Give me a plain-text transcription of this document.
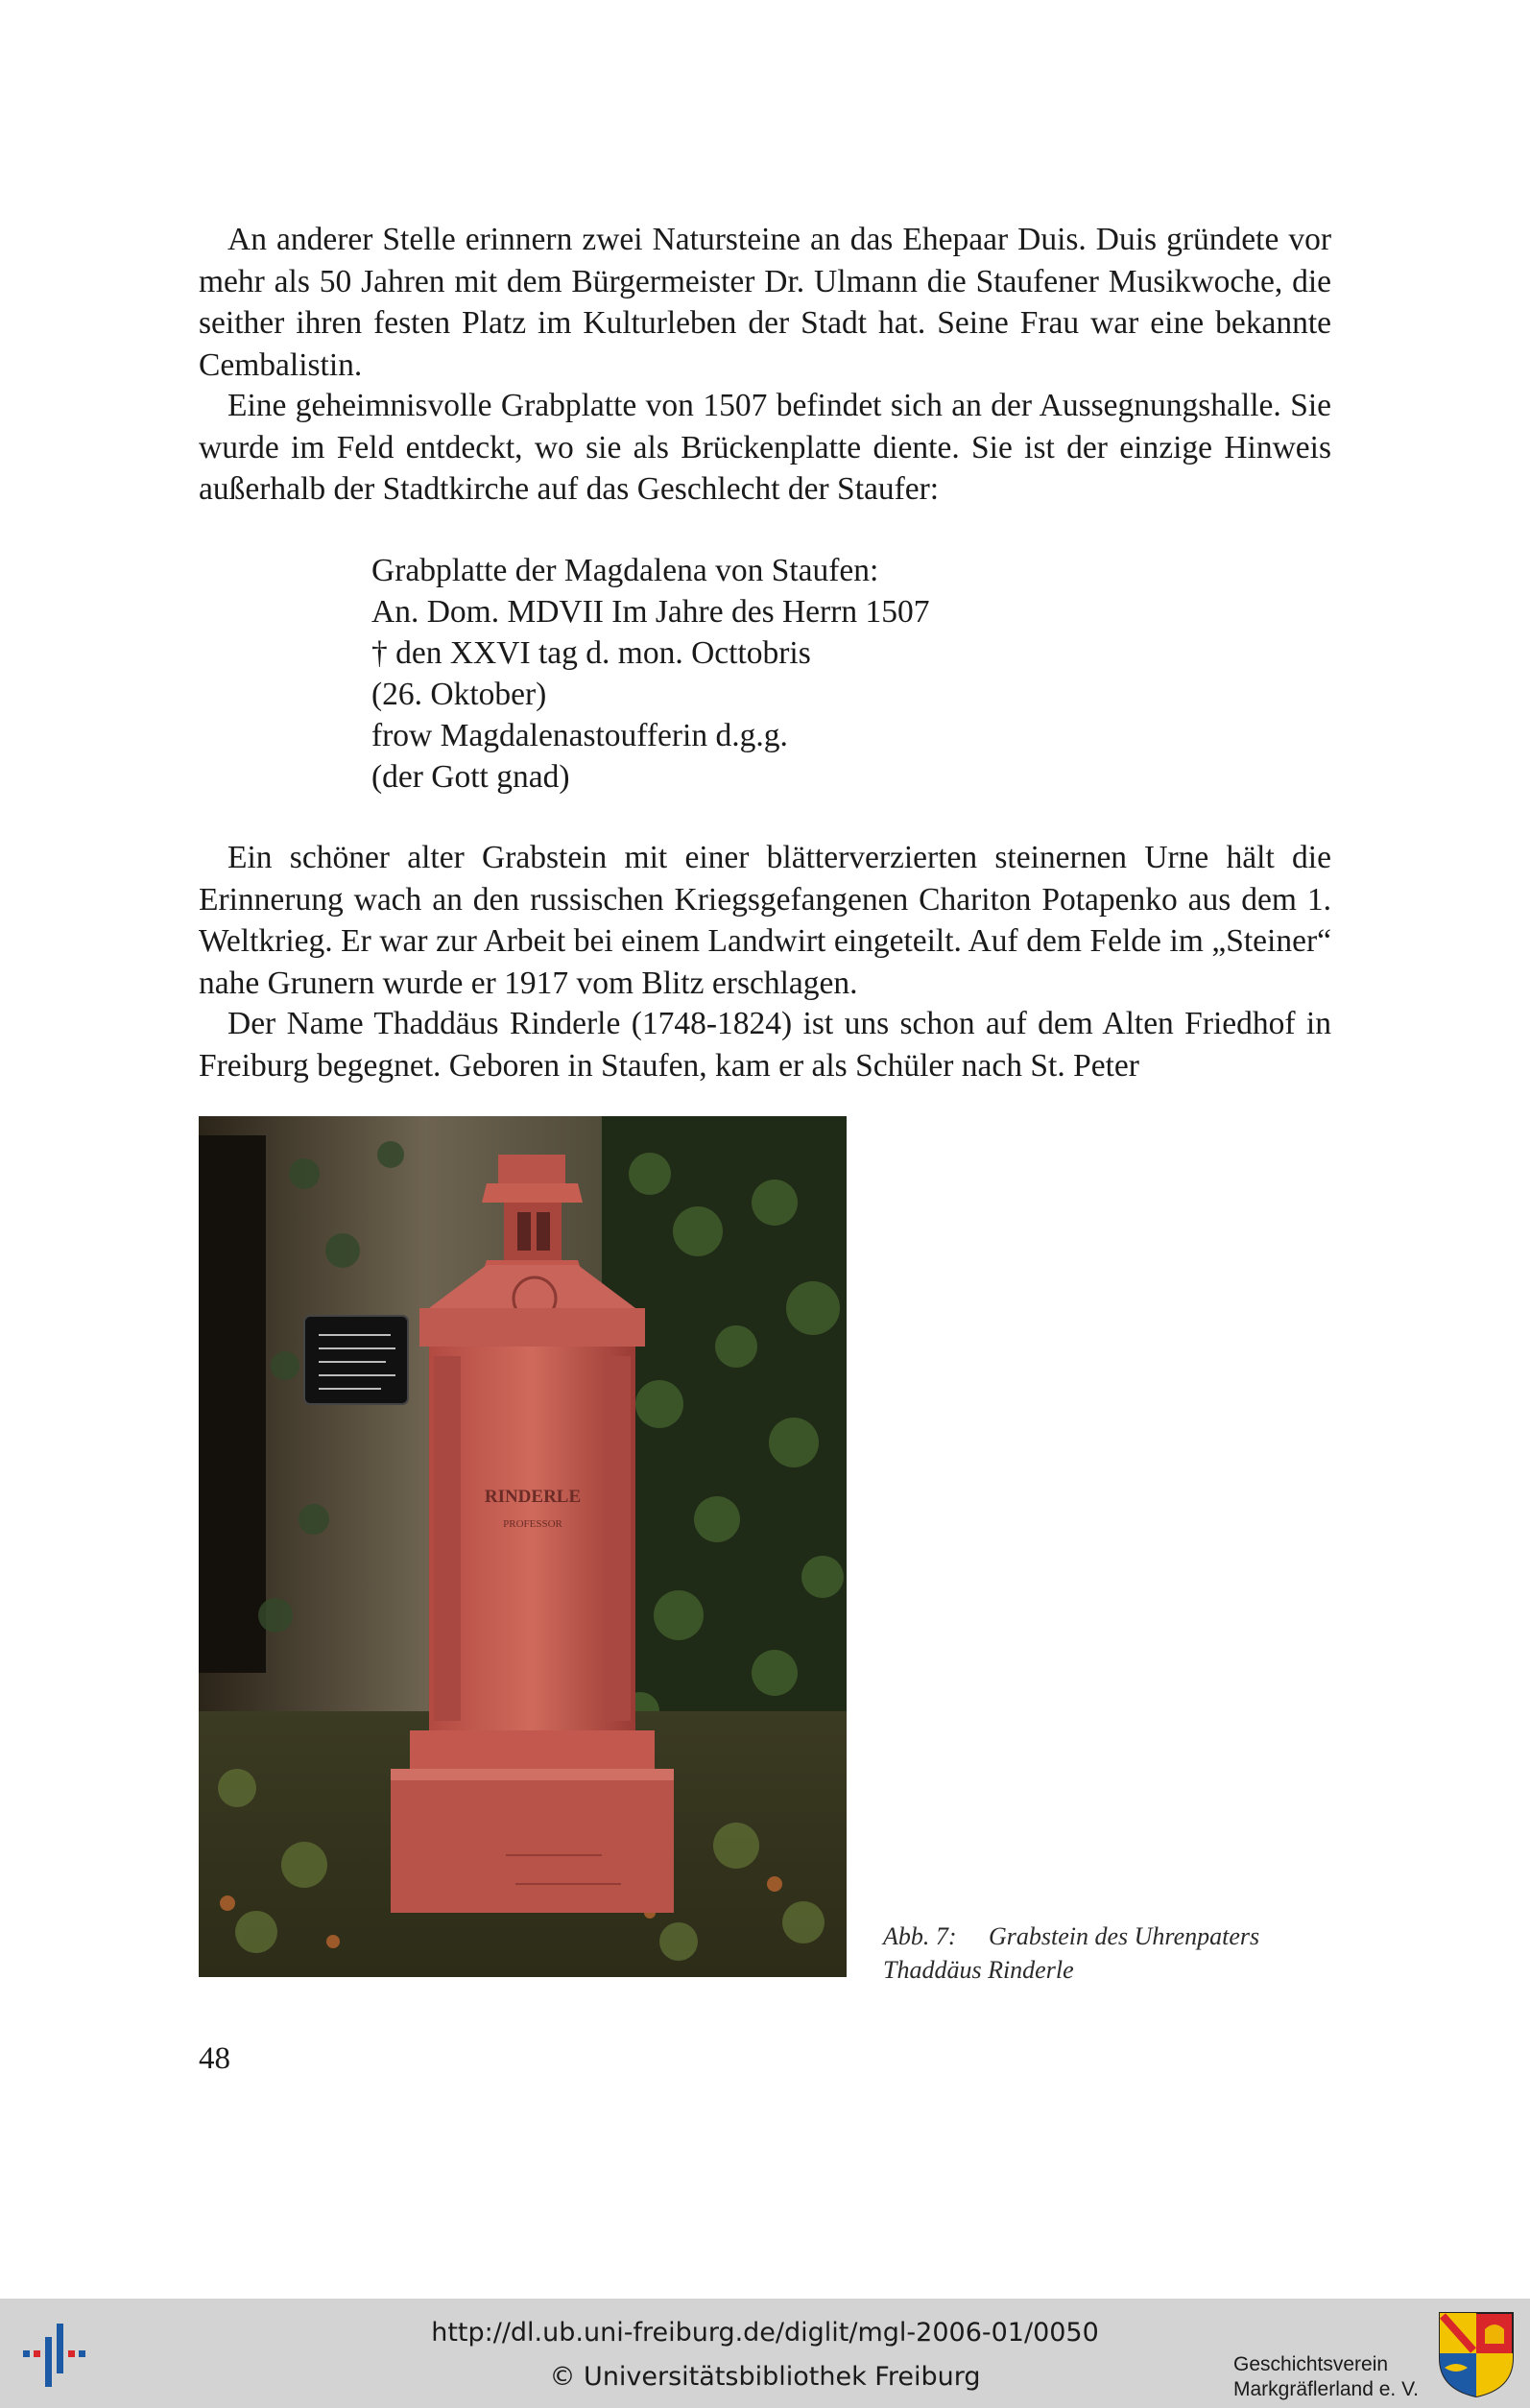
An anderer Stelle erinnern zwei Natursteine an das Ehepaar Duis. Duis gründete vor mehr als 50 Jahren mit dem Bürgermeister Dr. Ulmann die Staufener Musikwoche, die seither ihren festen Platz im Kulturleben der Stadt hat. Seine Frau war eine bekannte Cembalistin.

Eine geheimnisvolle Grabplatte von 1507 befindet sich an der Aussegnungshalle. Sie wurde im Feld entdeckt, wo sie als Brückenplatte diente. Sie ist der einzige Hinweis außerhalb der Stadtkirche auf das Geschlecht der Staufer:

Grabplatte der Magdalena von Staufen:
An. Dom. MDVII Im Jahre des Herrn 1507
† den XXVI tag d. mon. Octtobris
(26. Oktober)
frow Magdalenastoufferin d.g.g.
(der Gott gnad)

Ein schöner alter Grabstein mit einer blätterverzierten steinernen Urne hält die Erinnerung wach an den russischen Kriegsgefangenen Chariton Potapenko aus dem 1. Weltkrieg. Er war zur Arbeit bei einem Landwirt eingeteilt. Auf dem Felde im „Steiner“ nahe Grunern wurde er 1917 vom Blitz erschlagen.

Der Name Thaddäus Rinderle (1748-1824) ist uns schon auf dem Alten Friedhof in Freiburg begegnet. Geboren in Staufen, kam er als Schüler nach St. Peter

RINDERLE
PROFESSOR
Abb. 7: Grabstein des Uhrenpaters
Thaddäus Rinderle
48
http://dl.ub.uni-freiburg.de/diglit/mgl-2006-01/0050
© Universitätsbibliothek Freiburg	Geschichtsverein
Markgräflerland e. V.
